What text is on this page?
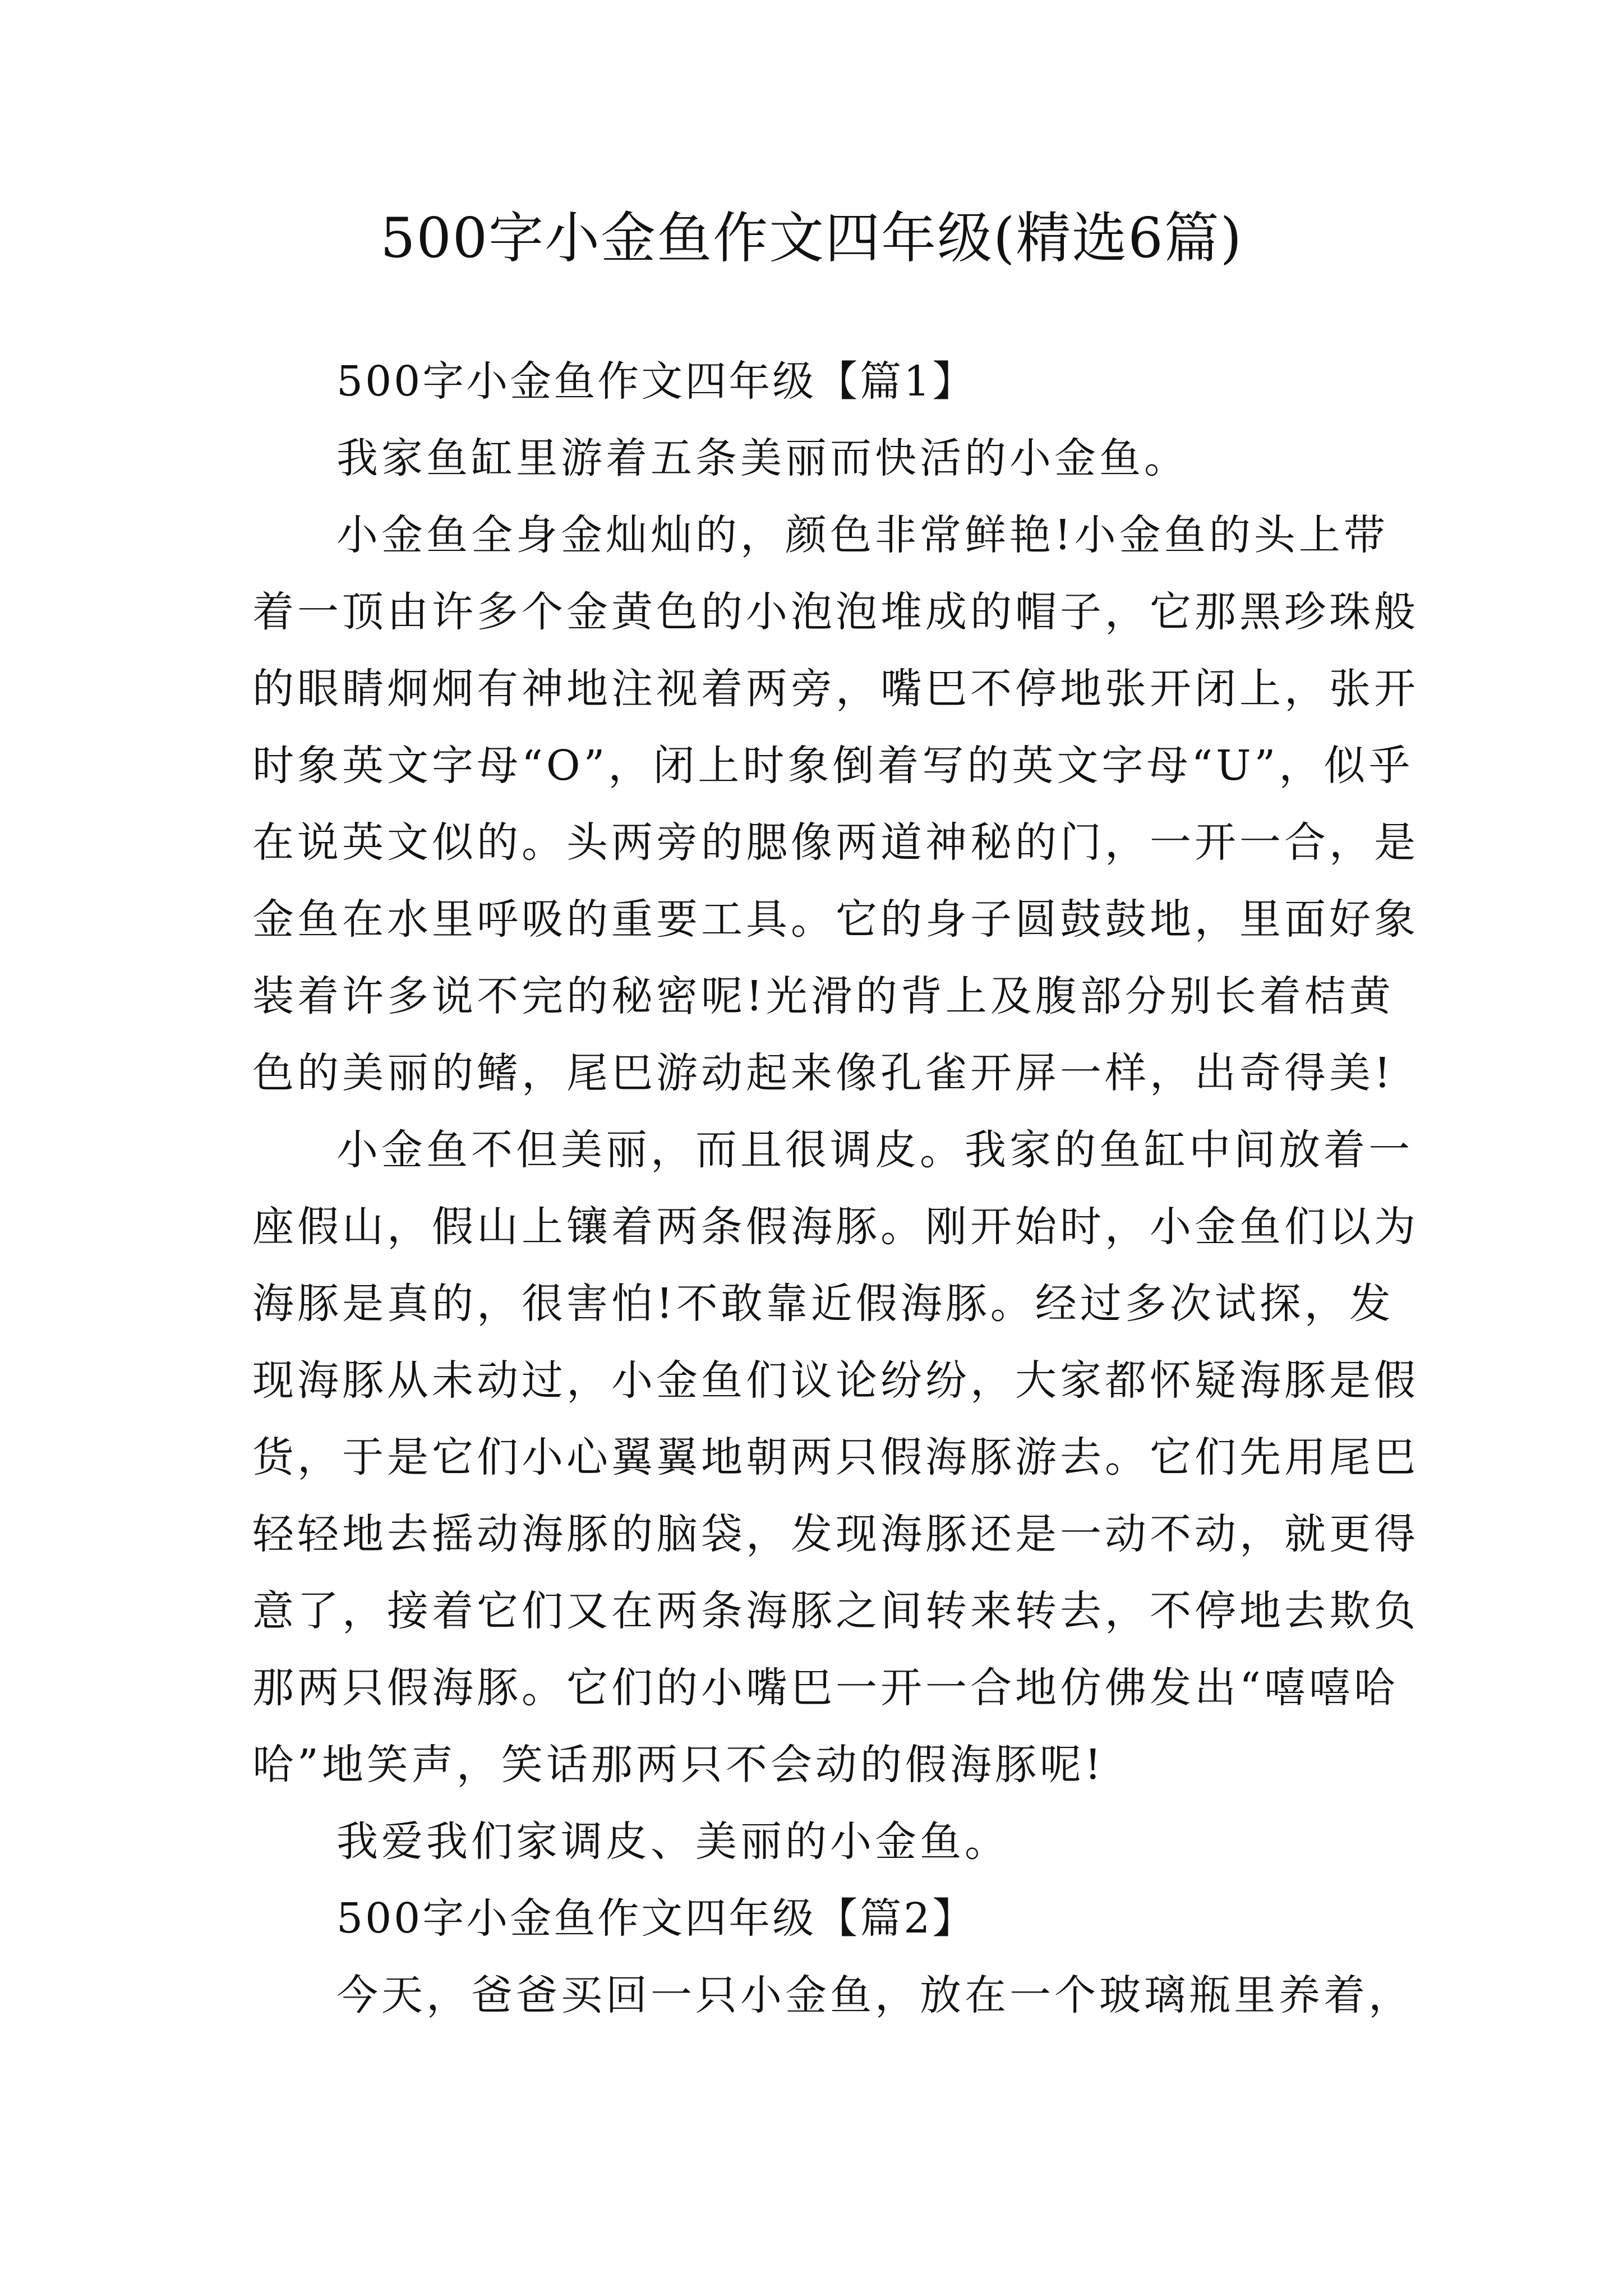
500字小金鱼作文四年级(精选6篇)
500字小金鱼作文四年级【篇1】
我家鱼缸里游着五条美丽而快活的小金鱼。
小金鱼全身金灿灿的，颜色非常鲜艳!小金鱼的头上带
着一顶由许多个金黄色的小泡泡堆成的帽子，它那黑珍珠般
的眼睛炯炯有神地注视着两旁，嘴巴不停地张开闭上，张开
时象英文字母“O”，闭上时象倒着写的英文字母“U”，似乎
在说英文似的。头两旁的腮像两道神秘的门，一开一合，是
金鱼在水里呼吸的重要工具。它的身子圆鼓鼓地，里面好象
装着许多说不完的秘密呢!光滑的背上及腹部分别长着桔黄
色的美丽的鳍，尾巴游动起来像孔雀开屏一样，出奇得美!
小金鱼不但美丽，而且很调皮。我家的鱼缸中间放着一
座假山，假山上镶着两条假海豚。刚开始时，小金鱼们以为
海豚是真的，很害怕!不敢靠近假海豚。经过多次试探，发
现海豚从未动过，小金鱼们议论纷纷，大家都怀疑海豚是假
货，于是它们小心翼翼地朝两只假海豚游去。它们先用尾巴
轻轻地去摇动海豚的脑袋，发现海豚还是一动不动，就更得
意了，接着它们又在两条海豚之间转来转去，不停地去欺负
那两只假海豚。它们的小嘴巴一开一合地仿佛发出“嘻嘻哈
哈”地笑声，笑话那两只不会动的假海豚呢!
我爱我们家调皮、美丽的小金鱼。
500字小金鱼作文四年级【篇2】
今天，爸爸买回一只小金鱼，放在一个玻璃瓶里养着，
